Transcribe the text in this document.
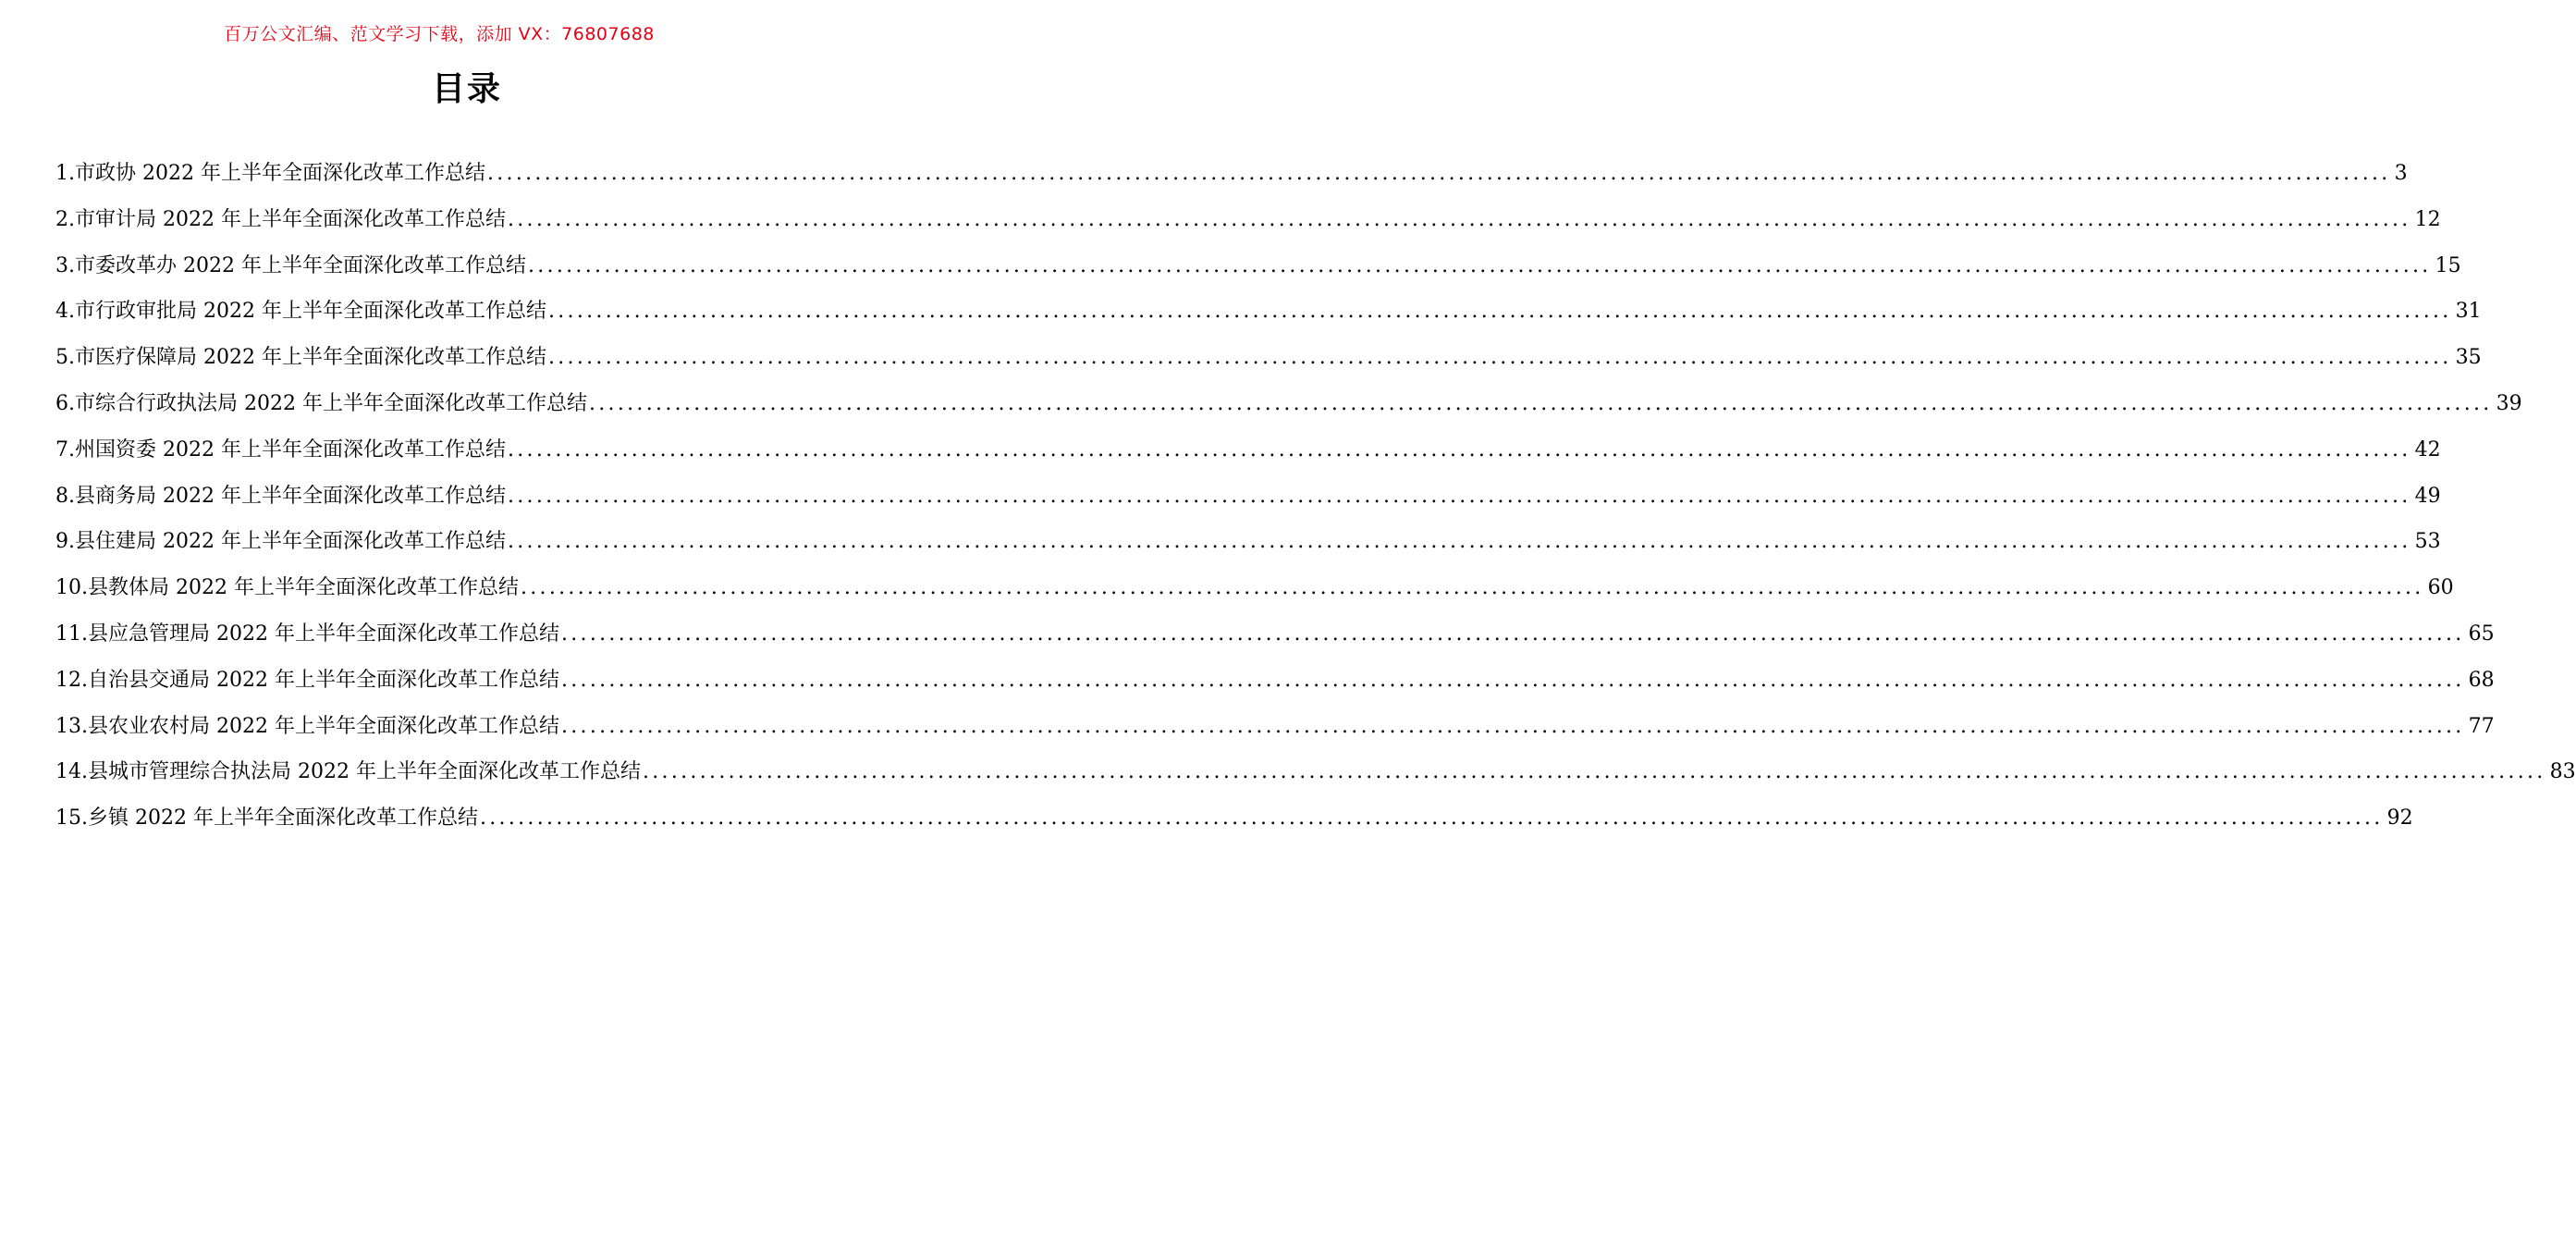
百万公文汇编、范文学习下载，添加 VX：76807688
目录
1.市政协 2022 年上半年全面深化改革工作总结 ........................................................................................................................................................................................................ 3
2.市审计局 2022 年上半年全面深化改革工作总结 ........................................................................................................................................................................................................ 12
3.市委改革办 2022 年上半年全面深化改革工作总结 ........................................................................................................................................................................................................ 15
4.市行政审批局 2022 年上半年全面深化改革工作总结 ........................................................................................................................................................................................................ 31
5.市医疗保障局 2022 年上半年全面深化改革工作总结 ........................................................................................................................................................................................................ 35
6.市综合行政执法局 2022 年上半年全面深化改革工作总结 ........................................................................................................................................................................................................ 39
7.州国资委 2022 年上半年全面深化改革工作总结 ........................................................................................................................................................................................................ 42
8.县商务局 2022 年上半年全面深化改革工作总结 ........................................................................................................................................................................................................ 49
9.县住建局 2022 年上半年全面深化改革工作总结 ........................................................................................................................................................................................................ 53
10.县教体局 2022 年上半年全面深化改革工作总结 ........................................................................................................................................................................................................ 60
11.县应急管理局 2022 年上半年全面深化改革工作总结 ........................................................................................................................................................................................................ 65
12.自治县交通局 2022 年上半年全面深化改革工作总结 ........................................................................................................................................................................................................ 68
13.县农业农村局 2022 年上半年全面深化改革工作总结 ........................................................................................................................................................................................................ 77
14.县城市管理综合执法局 2022 年上半年全面深化改革工作总结 ........................................................................................................................................................................................................ 83
15.乡镇 2022 年上半年全面深化改革工作总结 ........................................................................................................................................................................................................ 92
